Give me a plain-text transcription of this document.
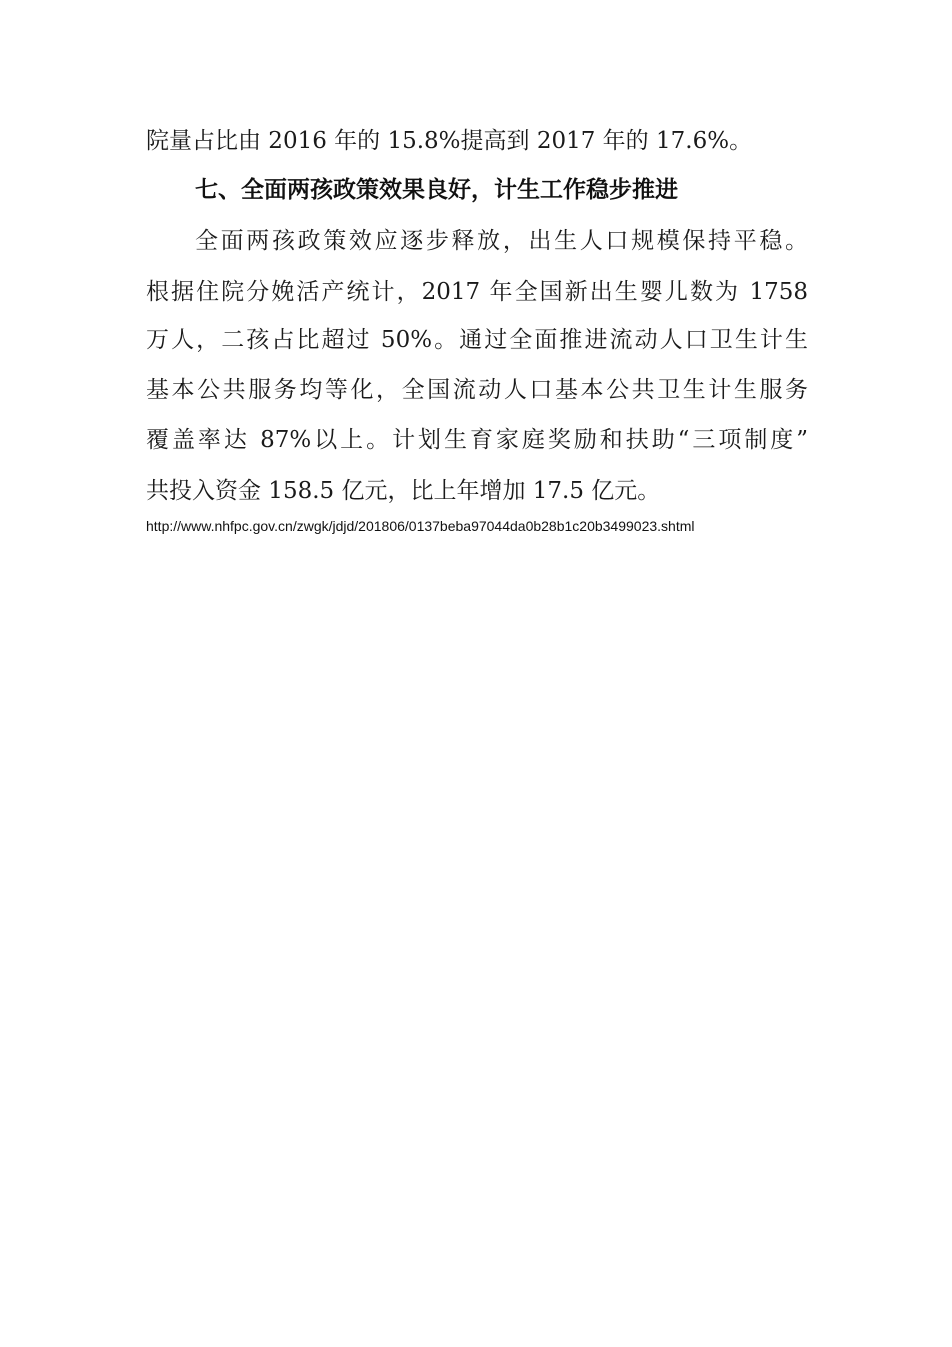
院量占比由 2016 年的 15.8%提高到 2017 年的 17.6%。
七、全面两孩政策效果良好，计生工作稳步推进
全面两孩政策效应逐步释放，出生人口规模保持平稳。
根据住院分娩活产统计，2017 年全国新出生婴儿数为 1758
万人，二孩占比超过 50%。通过全面推进流动人口卫生计生
基本公共服务均等化，全国流动人口基本公共卫生计生服务
覆盖率达 87%以上。计划生育家庭奖励和扶助“三项制度”
共投入资金 158.5 亿元，比上年增加 17.5 亿元。
http://www.nhfpc.gov.cn/zwgk/jdjd/201806/0137beba97044da0b28b1c20b3499023.shtml
